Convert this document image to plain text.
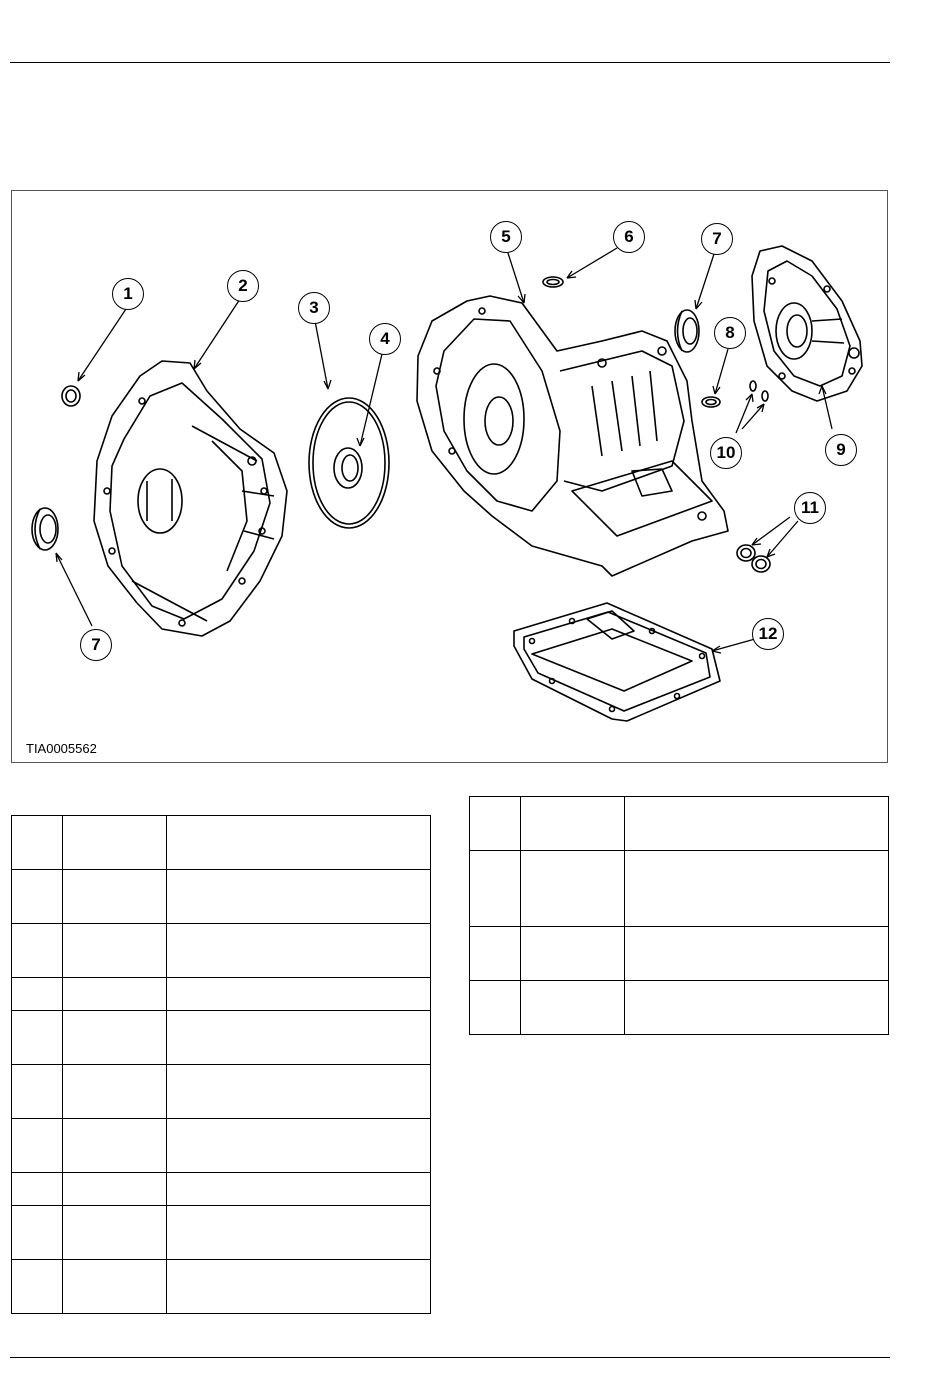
1	2
3
4
5	6	7
8
9
10
11
12
7
TIA0005562
